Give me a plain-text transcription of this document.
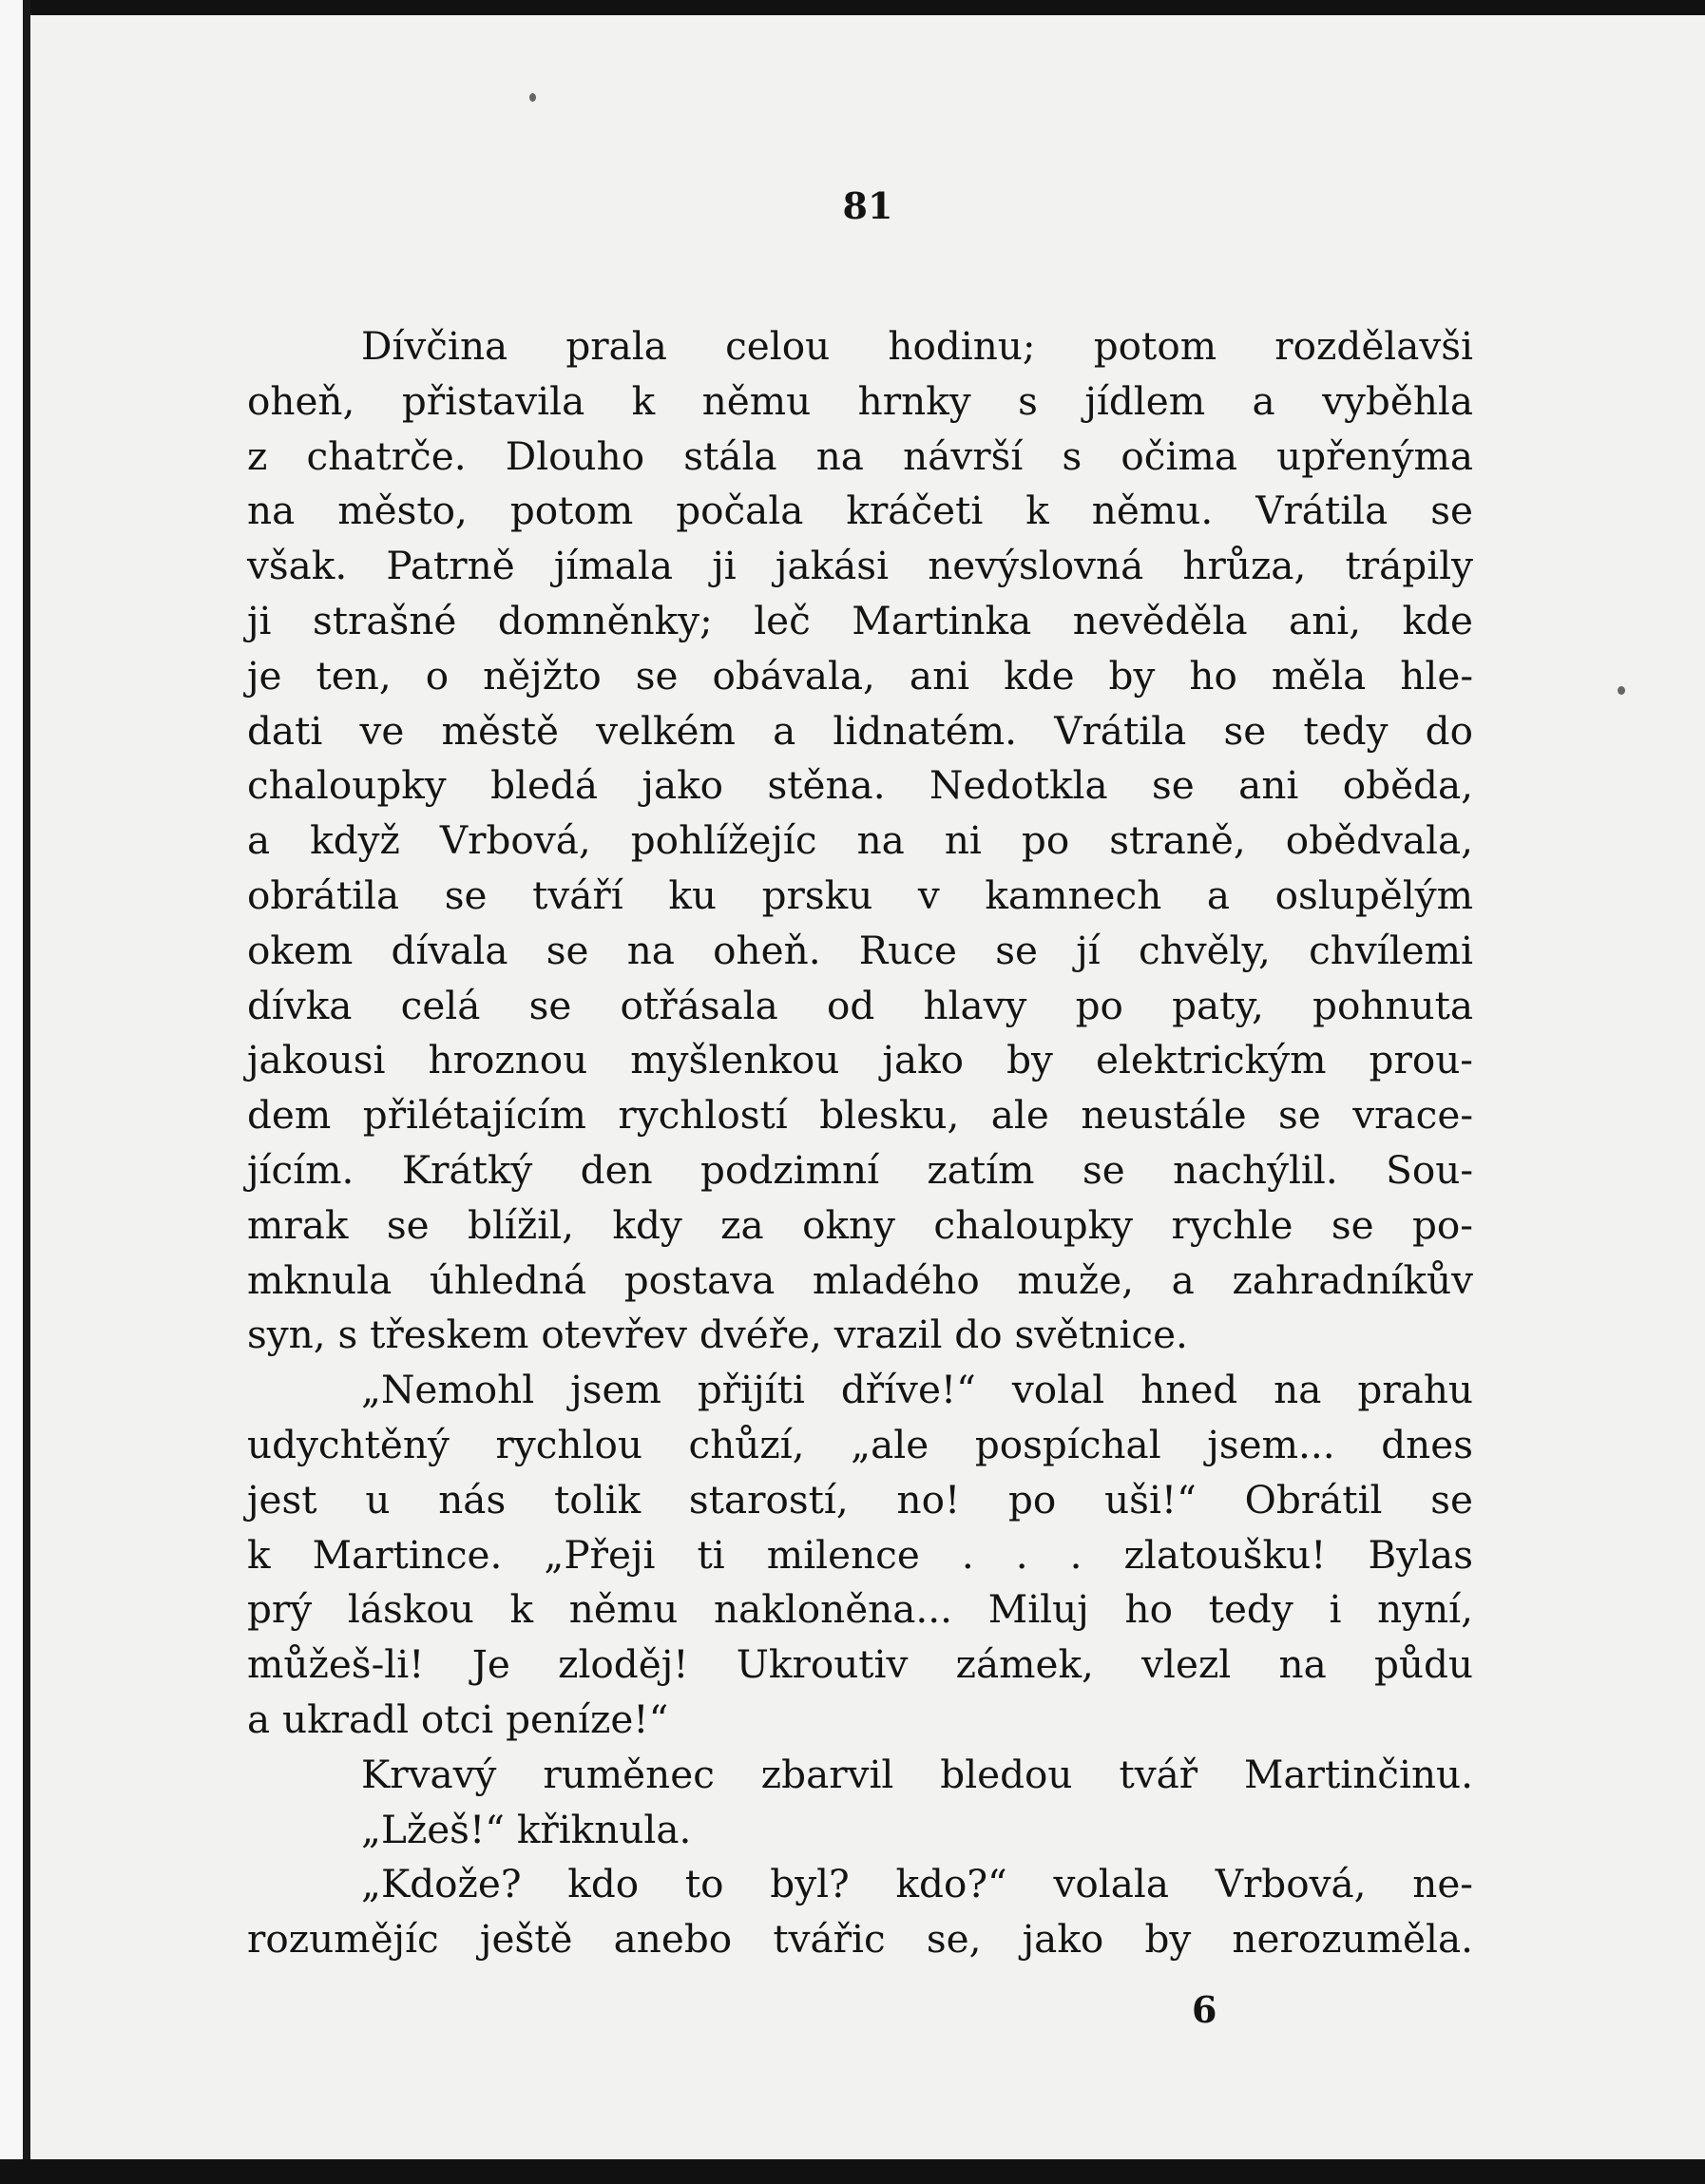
81
Dívčina prala celou hodinu; potom rozdělavši
oheň, přistavila k němu hrnky s jídlem a vyběhla
z chatrče. Dlouho stála na návrší s očima upřenýma
na město, potom počala kráčeti k němu. Vrátila se
však. Patrně jímala ji jakási nevýslovná hrůza, trápily
ji strašné domněnky; leč Martinka nevěděla ani, kde
je ten, o nějžto se obávala, ani kde by ho měla hle-
dati ve městě velkém a lidnatém. Vrátila se tedy do
chaloupky bledá jako stěna. Nedotkla se ani oběda,
a když Vrbová, pohlížejíc na ni po straně, obědvala,
obrátila se tváří ku prsku v kamnech a oslupělým
okem dívala se na oheň. Ruce se jí chvěly, chvílemi
dívka celá se otřásala od hlavy po paty, pohnuta
jakousi hroznou myšlenkou jako by elektrickým prou-
dem přilétajícím rychlostí blesku, ale neustále se vrace-
jícím. Krátký den podzimní zatím se nachýlil. Sou-
mrak se blížil, kdy za okny chaloupky rychle se po-
mknula úhledná postava mladého muže, a zahradníkův
syn, s třeskem otevřev dvéře, vrazil do světnice.
„Nemohl jsem přijíti dříve!“ volal hned na prahu
udychtěný rychlou chůzí, „ale pospíchal jsem... dnes
jest u nás tolik starostí, no! po uši!“ Obrátil se
k Martince. „Přeji ti milence . . . zlatoušku! Bylas
prý láskou k němu nakloněna... Miluj ho tedy i nyní,
můžeš-li! Je zloděj! Ukroutiv zámek, vlezl na půdu
a ukradl otci peníze!“
Krvavý ruměnec zbarvil bledou tvář Martinčinu.
„Lžeš!“ křiknula.
„Kdože? kdo to byl? kdo?“ volala Vrbová, ne-
rozumějíc ještě anebo tvářic se, jako by nerozuměla.
6
